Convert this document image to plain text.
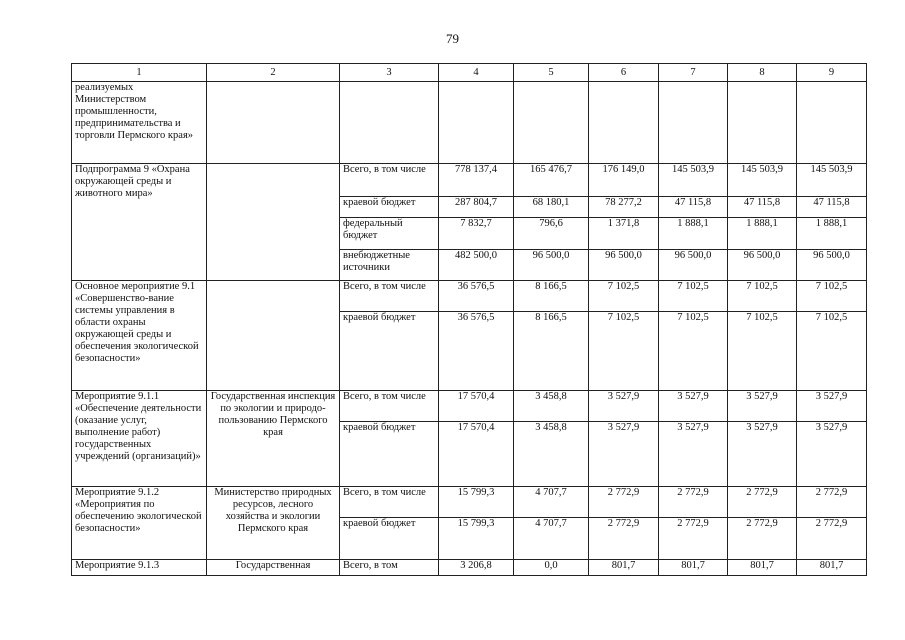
79
1	2	3	4	5	6	7	8	9
реализуемых Министерством промышленности, предпринимательства и торговли Пермского края»								
Подпрограмма 9 «Охрана окружающей среды и животного мира»		Всего, в том числе	778 137,4	165 476,7	176 149,0	145 503,9	145 503,9	145 503,9
		краевой бюджет	287 804,7	68 180,1	78 277,2	47 115,8	47 115,8	47 115,8
		федеральный бюджет	7 832,7	796,6	1 371,8	1 888,1	1 888,1	1 888,1
		внебюджетные источники	482 500,0	96 500,0	96 500,0	96 500,0	96 500,0	96 500,0
Основное мероприятие 9.1 «Совершенство-вание системы управления в области охраны окружающей среды и обеспечения экологической безопасности»		Всего, в том числе	36 576,5	8 166,5	7 102,5	7 102,5	7 102,5	7 102,5
		краевой бюджет	36 576,5	8 166,5	7 102,5	7 102,5	7 102,5	7 102,5
Мероприятие 9.1.1 «Обеспечение деятельности (оказание услуг, выполнение работ) государственных учреждений (организаций)»	Государственная инспекция по экологии и природо-пользованию Пермского края	Всего, в том числе	17 570,4	3 458,8	3 527,9	3 527,9	3 527,9	3 527,9
		краевой бюджет	17 570,4	3 458,8	3 527,9	3 527,9	3 527,9	3 527,9
Мероприятие 9.1.2 «Мероприятия по обеспечению экологической безопасности»	Министерство природных ресурсов, лесного хозяйства и экологии Пермского края	Всего, в том числе	15 799,3	4 707,7	2 772,9	2 772,9	2 772,9	2 772,9
		краевой бюджет	15 799,3	4 707,7	2 772,9	2 772,9	2 772,9	2 772,9
Мероприятие 9.1.3	Государственная	Всего, в том	3 206,8	0,0	801,7	801,7	801,7	801,7
